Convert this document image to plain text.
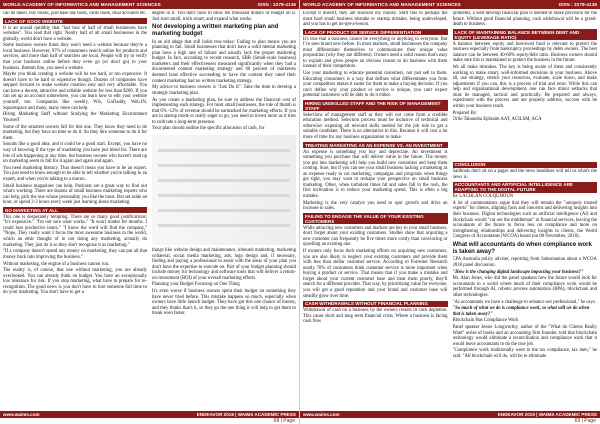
WORLD ACADEMY OF INFORMATICS AND MANAGEMENT SCIENCES	ISSN : 2278-4136

can be taken, buy books, purchase day book, cards book, final accounts etc.

LACK OF GOOD WEBSITE

It is an unsaid quiddity that "last loss of half of small businesses have websites". You read that right. Nearly half of all small businesses in the globally, world don't have a website.

Some business owners think they won't need a website because they're a local business. However, 97% of consumers search online for products and services, and more than half of searches are local. People will try to verify that your business online before they even go (or don't go) to your business. Bottom line, you need a website.

Maybe you think creating a website will be too hard, or too expensive. It doesn't have to be hard or expensive though. Dozens of companies have stepped forward to make website creation easy and very affordable. You can have a decent, attractive and reliable website for less than $200. If you can set up an account somewhere, you can learn how to edit your website yourself, too. Companies like weebly, Wix, GoDaddy, Web.IN, Squarespace and many, many more can help.

Hiring Marketing Staff without Studying the Marketing Environment Yourself

Some of the smartest owners fall for this one. They know they need to do marketing, but they have no time to do it. So they hire someone to do it for them.

Sounds like a good idea, and it could be a good start. Except, you have no way of knowing if the type of marketing you have just hired for. There are lots of ads happening at any time, but business owners who haven't read up on marketing seem to fall for it again and again and again.

You need marketing literacy. That doesn't mean you have to be an expert. You just need to know enough to be able to tell whether you're talking to an expert, and when you're talking to a moron.

Small business magazines can help. Podcasts are a great way to find out what's working. There are dozens of small business marketing experts who can help, pick the one whose personality you like the most. But set aside an hour, or spend 2-3 hours every week just learning about marketing.

NO MARKETING AT ALL

This one is desperately tempting. There are so many good justifications: "It's expensive." "I'm not sure what works." "It won't matter for months. I could lose productive hours." "I know the word will find the company," "Nope, They really want I focus the most awesome business in the world, which an ethic thought of in not doing any marketing, actually do marketing. They just do it so they don't recognize it as marketing."

"If a company doesn't spend any money on marketing, they can put all that money back into improving the business."

Without marketing, the engine of a business cannot run.

The reality is, of course, that one without marketing, you are already overlooked. You can already think on budget. You have an exceptionally low tolerance for risk. If you stop marketing, what have to prepare for re-recognition. The good news is you don't have to hire someone full time to do your marketing. You don't have to get a

degree in it. You don't have to blow ten thousand dollars of budget on it. Just start small, track smart, and expand what works.

Not developing a written marketing plan and marketing budget

In an old adage that still holds true today: Failing to plan means you are planning to fail. Small businesses that don't have a solid mental marketing plan have a high rate of failure and usually lack the proper marketing budget. In fact, according to recent research, SBB (Small-scale business) marketers and their effectiveness measured significantly when they had a documented content marketing strategy and 60 percent of marketers deemed least effective succeeding to have the content they rated their content marketing had no written marketing strategy.

My advice to business owners is "Just Do It". Take the time to develop a strategic marketing plan.

As you create a marketing plan, be sure to address the financial cost of implementing each strategy. For most small businesses, the rule of thumb is that 6% -12% of revenue should be earmarked for marketing efforts. If you are in startup mode or really eager to go, you need to invest more as it tries to cultivate a long-term presence.

Your plan should outline the specific allocation of cash, for

things like website design and maintenance, inbound marketing, marketing collateral, social media marketing, ads, logo design and, if necessary, finding and paying a professional to assist with the areas of your plan you don't have the expertise to execute on. Part of your budget planning should include money for technology and software tools that will deliver a return-on-investment (ROI) of your overall marketing efforts.

Planning your Budget Focusing on One Thing

It's even worse if business owners spent their budget on something they have never tried before. This mistake happens so much, especially when owners have little launch budget. They have got this one chance of money, and they thinks that's it, so they go the one thing it will help to get them to break even faster.

www.waims.com	ENDEAVOR 2019 | WAIMS ACADEMIC PRESS
68 | Page
WORLD ACADEMY OF INFORMATICS AND MANAGEMENT SCIENCES	ISSN : 2278-4136

Except it doesn't, they are shocked my money. Shift this to perhaps the most hard small business mistake or startup mistake, being undeveloped, and you has to get no-get-a-lesson.

LACK OF PRODUCT OR SERVICE DIFFERENTIATION

It's true that a business cannot be everything or anything to everyone. But I've seen brand new before. In most markets, small businesses the company must differentiate themselves to communicate their unique value proposition (why they are different). Owners need a solid reason that's easy to explain and gives people an obvious reason to do business with them instead of their competitors.

Use your marketing to educate potential customers, not just sell to them. Educating consumers is a way that defines what differentiates you from your competitors makes it easier for them to make a buying decision. If you can't define why your product or service is unique, you can't expect potential customers will be able to do it either.

HIRING UNSKILLED STAFF AND THE RISK OF MANAGEMENT STAFF

Selections of management staff as they will not come from a credible education method. Selection process must be inclusive of technical and otherwise: exposing all relevant skills needed for the job role to get a suitable candidate. There is no alternative to this. Because it will cost a lot more of time for any business organization to make.

TREATING MARKETING AS AN EXPENSE VS. AN INVESTMENT

An expense is something you buy and depreciate. An investment is something you purchase that will deliver value in the future. The money you put into marketing will help you build new customers and keep them coming. Sure, but if you can see your small business lacking a marketing as an expense ready to cut marketing, campaigns and programs when things get tight, you may want to reshape your perspective on small business marketing. Other, when turbulent times hit and sales fall in the rush, the first inclination is to reduce your marketing spend. This is often a big mistake.

Marketing is the very catalyst you need to spur growth and drive an increase in sales.

FAILING TO ENGAGE THE VALUE OF YOUR EXISTING CUSTOMERS

While attracting new customers and markets are key to your small business, don't forget about your existing customers. Studies show that acquiring a new customer can frequently be five times more costly than convincing or upselling an existing one.

If owners only focus their marketing efforts on acquiring new customers, you are also likely to neglect your existing customers and provide them with less than stellar customer service. According to Forrester Research nearly 70% of consumers think customer service is more important when buying a product or service. That means that if you make a mistake and forget about your current customer base and treat them poorly, they'll search for a different provider. That way, by prioritizing value for everyone, you will get a good reputation and your brand and customer base will steadily grow over time.

CASH WITHDRAWALS WITHOUT FINANCIAL PLANNING

Withdrawal of cash on a business by the owners results in cash depletion. This cause short and long term financial crisis. Where a business is facing cash flow

problems, a well develop financial plan is needed to make provision for the future. Without good financial planning, cash withdrawal will be a grand-death to business.

LACK OF MAINTAINING BALANCE BETWEEN DEBT AND EQUITY (LEVERAGE RATIO)

A balance between equity and borrowed fund is relevant to protect the business especially from bankruptcy proceedings by debts owners. The best balance can be between 40-60% equity/debt ratio. Business owners should make sure this is maintained to protect the business in the future.

We all make mistakes. The key is being aware of them and consistently working to make smart, well-informed decisions in your business. Above all, use strategy, stretch your resources, evaluate, scale down, and make adjustments if you can, this is a process of trial and error. While this can help and organizational development, one can face minor setbacks that must be managed, tactical and practically. Be prepared and always, experiment with the process and are properly address, success with be within your business reach.

Prepared By:

Orilo Tabanoba Ephraim AAT, ACILSM, ACA

CONCLUSION

Sailboats don't sit on a pages and the news headlines will tell us what's the news is.

ACCOUNTANTS AND ARTIFICIAL INTELLIGENCE ARE ADAPTING TO THE DIGITAL FUTURE

By LACHLAN COLQUHOUN

A lot of commentators argue that they will remain the "uniquely trusted experts" for clients, aligning facts and concerns and delivering insights into their business. Digital technologies such as artificial intelligence (AI) and blockchain would "cut out the middleman" in financial services, leaving the accountants of the future to focus less on compliance and more on strengthening relationships and delivering insights to clients, the World Congress of Accountants (WCOA) heard (on 08 November, 2018).

What will accountants do when compliance work is taken away?

CPA Australia policy adviser, reporting from Salesmanian about a WCOA 2018 panel discussion.

"How is the changing digital landscape impacting your business?"

Mr. Alan Jones, who did the panel speakers how the future would look for accountants in a world where much of their compliance work would be performed through AI, robotic process automation (RPA), blockchain and other technologies.

"As accountants we have a challenge to enhance our professional," he says.

"So much of what we do is compliance work, so what will we do when that is taken away?"

Blockchain Has Compliance Work

Panel speaker Jessie Longworthy, author of the "What do Clients Really Want" series of books and an accounting firm founder, told that blockchain technology would eliminate a reconciliation and compliance work that it would leave accountants to do the true job.

"Compliance work traditionally went to the tax compliance, tax men," he said. "All blockchain will do, will be to eliminate

www.waims.com	ENDEAVOR 2019 | WAIMS ACADEMIC PRESS
69 | Page
